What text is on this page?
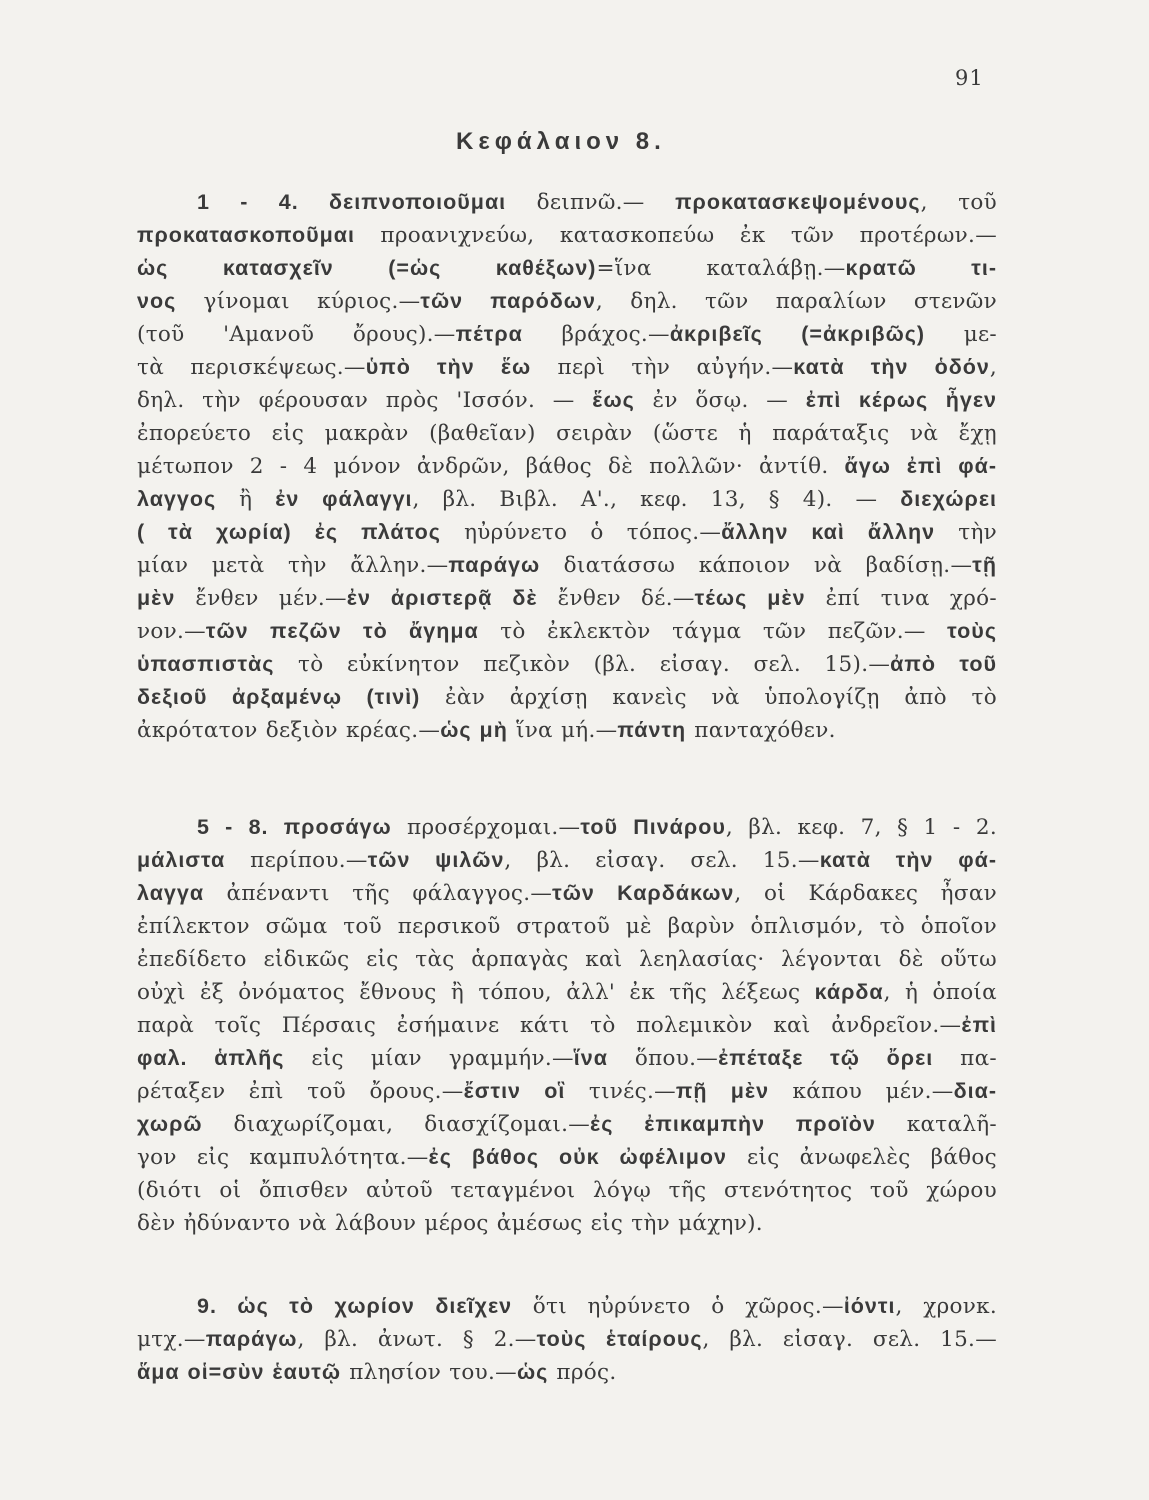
91
Κεφάλαιον 8.
1 - 4. δειπνοποιοῦμαι δειπνῶ.— προκατασκεψομένους, τοῦ
προκατασκοποῦμαι προανιχνεύω, κατασκοπεύω ἐκ τῶν προτέρων.—
ὡς κατασχεῖν (=ὡς καθέξων)=ἵνα καταλάβῃ.—κρατῶ τι-
νος γίνομαι κύριος.—τῶν παρόδων, δηλ. τῶν παραλίων στενῶν
(τοῦ 'Αμανοῦ ὄρους).—πέτρα βράχος.—ἀκριβεῖς (=ἀκριβῶς) με-
τὰ περισκέψεως.—ὑπὸ τὴν ἕω περὶ τὴν αὐγήν.—κατὰ τὴν ὁδόν,
δηλ. τὴν φέρουσαν πρὸς 'Ισσόν. — ἕως ἐν ὅσῳ. — ἐπὶ κέρως ἦγεν
ἐπορεύετο εἰς μακρὰν (βαθεῖαν) σειρὰν (ὥστε ἡ παράταξις νὰ ἔχῃ
μέτωπον 2 - 4 μόνον ἀνδρῶν, βάθος δὲ πολλῶν· ἀντίθ. ἄγω ἐπὶ φά-
λαγγος ἢ ἐν φάλαγγι, βλ. Βιβλ. Α'., κεφ. 13, § 4). — διεχώρει
( τὰ χωρία) ἐς πλάτος ηὐρύνετο ὁ τόπος.—ἄλλην καὶ ἄλλην τὴν
μίαν μετὰ τὴν ἄλλην.—παράγω διατάσσω κάποιον νὰ βαδίσῃ.—τῇ
μὲν ἔνθεν μέν.—ἐν ἀριστερᾷ δὲ ἔνθεν δέ.—τέως μὲν ἐπί τινα χρό-
νον.—τῶν πεζῶν τὸ ἄγημα τὸ ἐκλεκτὸν τάγμα τῶν πεζῶν.— τοὺς
ὑπασπιστὰς τὸ εὐκίνητον πεζικὸν (βλ. εἰσαγ. σελ. 15).—ἀπὸ τοῦ
δεξιοῦ ἀρξαμένῳ (τινὶ) ἐὰν ἀρχίσῃ κανεὶς νὰ ὑπολογίζῃ ἀπὸ τὸ
ἀκρότατον δεξιὸν κρέας.—ὡς μὴ ἵνα μή.—πάντη πανταχόθεν.
5 - 8. προσάγω προσέρχομαι.—τοῦ Πινάρου, βλ. κεφ. 7, § 1 - 2.
μάλιστα περίπου.—τῶν ψιλῶν, βλ. εἰσαγ. σελ. 15.—κατὰ τὴν φά-
λαγγα ἀπέναντι τῆς φάλαγγος.—τῶν Καρδάκων, οἱ Κάρδακες ἦσαν
ἐπίλεκτον σῶμα τοῦ περσικοῦ στρατοῦ μὲ βαρὺν ὁπλισμόν, τὸ ὁποῖον
ἐπεδίδετο εἰδικῶς εἰς τὰς ἁρπαγὰς καὶ λεηλασίας· λέγονται δὲ οὕτω
οὐχὶ ἐξ ὀνόματος ἔθνους ἢ τόπου, ἀλλ' ἐκ τῆς λέξεως κάρδα, ἡ ὁποία
παρὰ τοῖς Πέρσαις ἐσήμαινε κάτι τὸ πολεμικὸν καὶ ἀνδρεῖον.—ἐπὶ
φαλ. ἁπλῆς εἰς μίαν γραμμήν.—ἵνα ὅπου.—ἐπέταξε τῷ ὄρει πα-
ρέταξεν ἐπὶ τοῦ ὄρους.—ἔστιν οἳ τινές.—πῇ μὲν κάπου μέν.—δια-
χωρῶ διαχωρίζομαι, διασχίζομαι.—ἐς ἐπικαμπὴν προϊὸν καταλῆ-
γον εἰς καμπυλότητα.—ἐς βάθος οὐκ ὠφέλιμον εἰς ἀνωφελὲς βάθος
(διότι οἱ ὄπισθεν αὐτοῦ τεταγμένοι λόγῳ τῆς στενότητος τοῦ χώρου
δὲν ἠδύναντο νὰ λάβουν μέρος ἀμέσως εἰς τὴν μάχην).
9. ὡς τὸ χωρίον διεῖχεν ὅτι ηὐρύνετο ὁ χῶρος.—ἰόντι, χρονκ.
μτχ.—παράγω, βλ. ἀνωτ. § 2.—τοὺς ἑταίρους, βλ. εἰσαγ. σελ. 15.—
ἅμα οἱ=σὺν ἑαυτῷ πλησίον του.—ὡς πρός.
